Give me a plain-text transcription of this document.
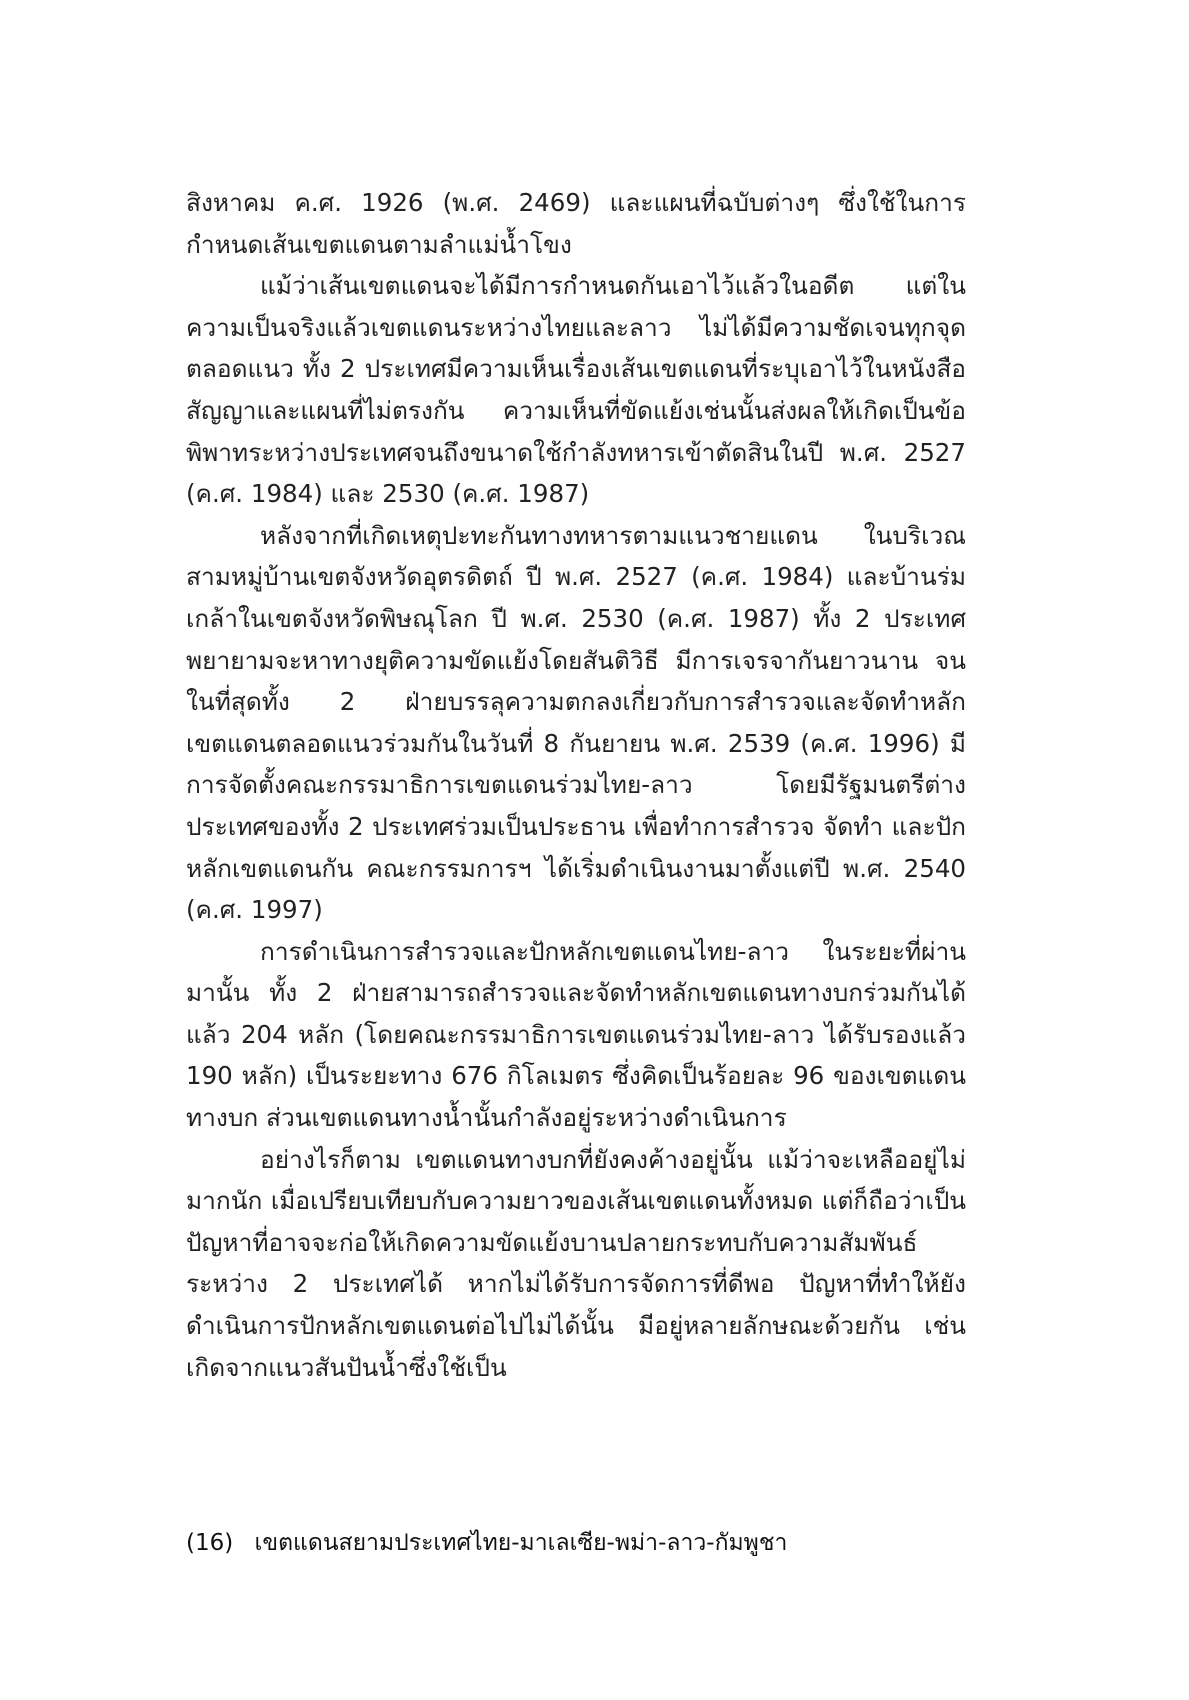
สิงหาคม ค.ศ. 1926 (พ.ศ. 2469) และแผนที่ฉบับต่างๆ ซึ่งใช้ในการกำหนดเส้นเขตแดนตามลำแม่น้ำโขง

แม้ว่าเส้นเขตแดนจะได้มีการกำหนดกันเอาไว้แล้วในอดีต แต่ในความเป็นจริงแล้วเขตแดนระหว่างไทยและลาว ไม่ได้มีความชัดเจนทุกจุดตลอดแนว ทั้ง 2 ประเทศมีความเห็นเรื่องเส้นเขตแดนที่ระบุเอาไว้ในหนังสือสัญญาและแผนที่ไม่ตรงกัน ความเห็นที่ขัดแย้งเช่นนั้นส่งผลให้เกิดเป็นข้อพิพาทระหว่างประเทศจนถึงขนาดใช้กำลังทหารเข้าตัดสินในปี พ.ศ. 2527 (ค.ศ. 1984) และ 2530 (ค.ศ. 1987)

หลังจากที่เกิดเหตุปะทะกันทางทหารตามแนวชายแดน ในบริเวณสามหมู่บ้านเขตจังหวัดอุตรดิตถ์ ปี พ.ศ. 2527 (ค.ศ. 1984) และบ้านร่มเกล้าในเขตจังหวัดพิษณุโลก ปี พ.ศ. 2530 (ค.ศ. 1987) ทั้ง 2 ประเทศพยายามจะหาทางยุติความขัดแย้งโดยสันติวิธี มีการเจรจากันยาวนาน จนในที่สุดทั้ง 2 ฝ่ายบรรลุความตกลงเกี่ยวกับการสำรวจและจัดทำหลักเขตแดนตลอดแนวร่วมกันในวันที่ 8 กันยายน พ.ศ. 2539 (ค.ศ. 1996) มีการจัดตั้งคณะกรรมาธิการเขตแดนร่วมไทย-ลาว โดยมีรัฐมนตรีต่างประเทศของทั้ง 2 ประเทศร่วมเป็นประธาน เพื่อทำการสำรวจ จัดทำ และปักหลักเขตแดนกัน คณะกรรมการฯ ได้เริ่มดำเนินงานมาตั้งแต่ปี พ.ศ. 2540 (ค.ศ. 1997)

การดำเนินการสำรวจและปักหลักเขตแดนไทย-ลาว ในระยะที่ผ่านมานั้น ทั้ง 2 ฝ่ายสามารถสำรวจและจัดทำหลักเขตแดนทางบกร่วมกันได้แล้ว 204 หลัก (โดยคณะกรรมาธิการเขตแดนร่วมไทย-ลาว ได้รับรองแล้ว 190 หลัก) เป็นระยะทาง 676 กิโลเมตร ซึ่งคิดเป็นร้อยละ 96 ของเขตแดนทางบก ส่วนเขตแดนทางน้ำนั้นกำลังอยู่ระหว่างดำเนินการ

อย่างไรก็ตาม เขตแดนทางบกที่ยังคงค้างอยู่นั้น แม้ว่าจะเหลืออยู่ไม่มากนัก เมื่อเปรียบเทียบกับความยาวของเส้นเขตแดนทั้งหมด แต่ก็ถือว่าเป็นปัญหาที่อาจจะก่อให้เกิดความขัดแย้งบานปลายกระทบกับความสัมพันธ์ระหว่าง 2 ประเทศได้ หากไม่ได้รับการจัดการที่ดีพอ ปัญหาที่ทำให้ยังดำเนินการปักหลักเขตแดนต่อไปไม่ได้นั้น มีอยู่หลายลักษณะด้วยกัน เช่น เกิดจากแนวสันปันน้ำซึ่งใช้เป็น

(16) เขตแดนสยามประเทศไทย-มาเลเซีย-พม่า-ลาว-กัมพูชา
